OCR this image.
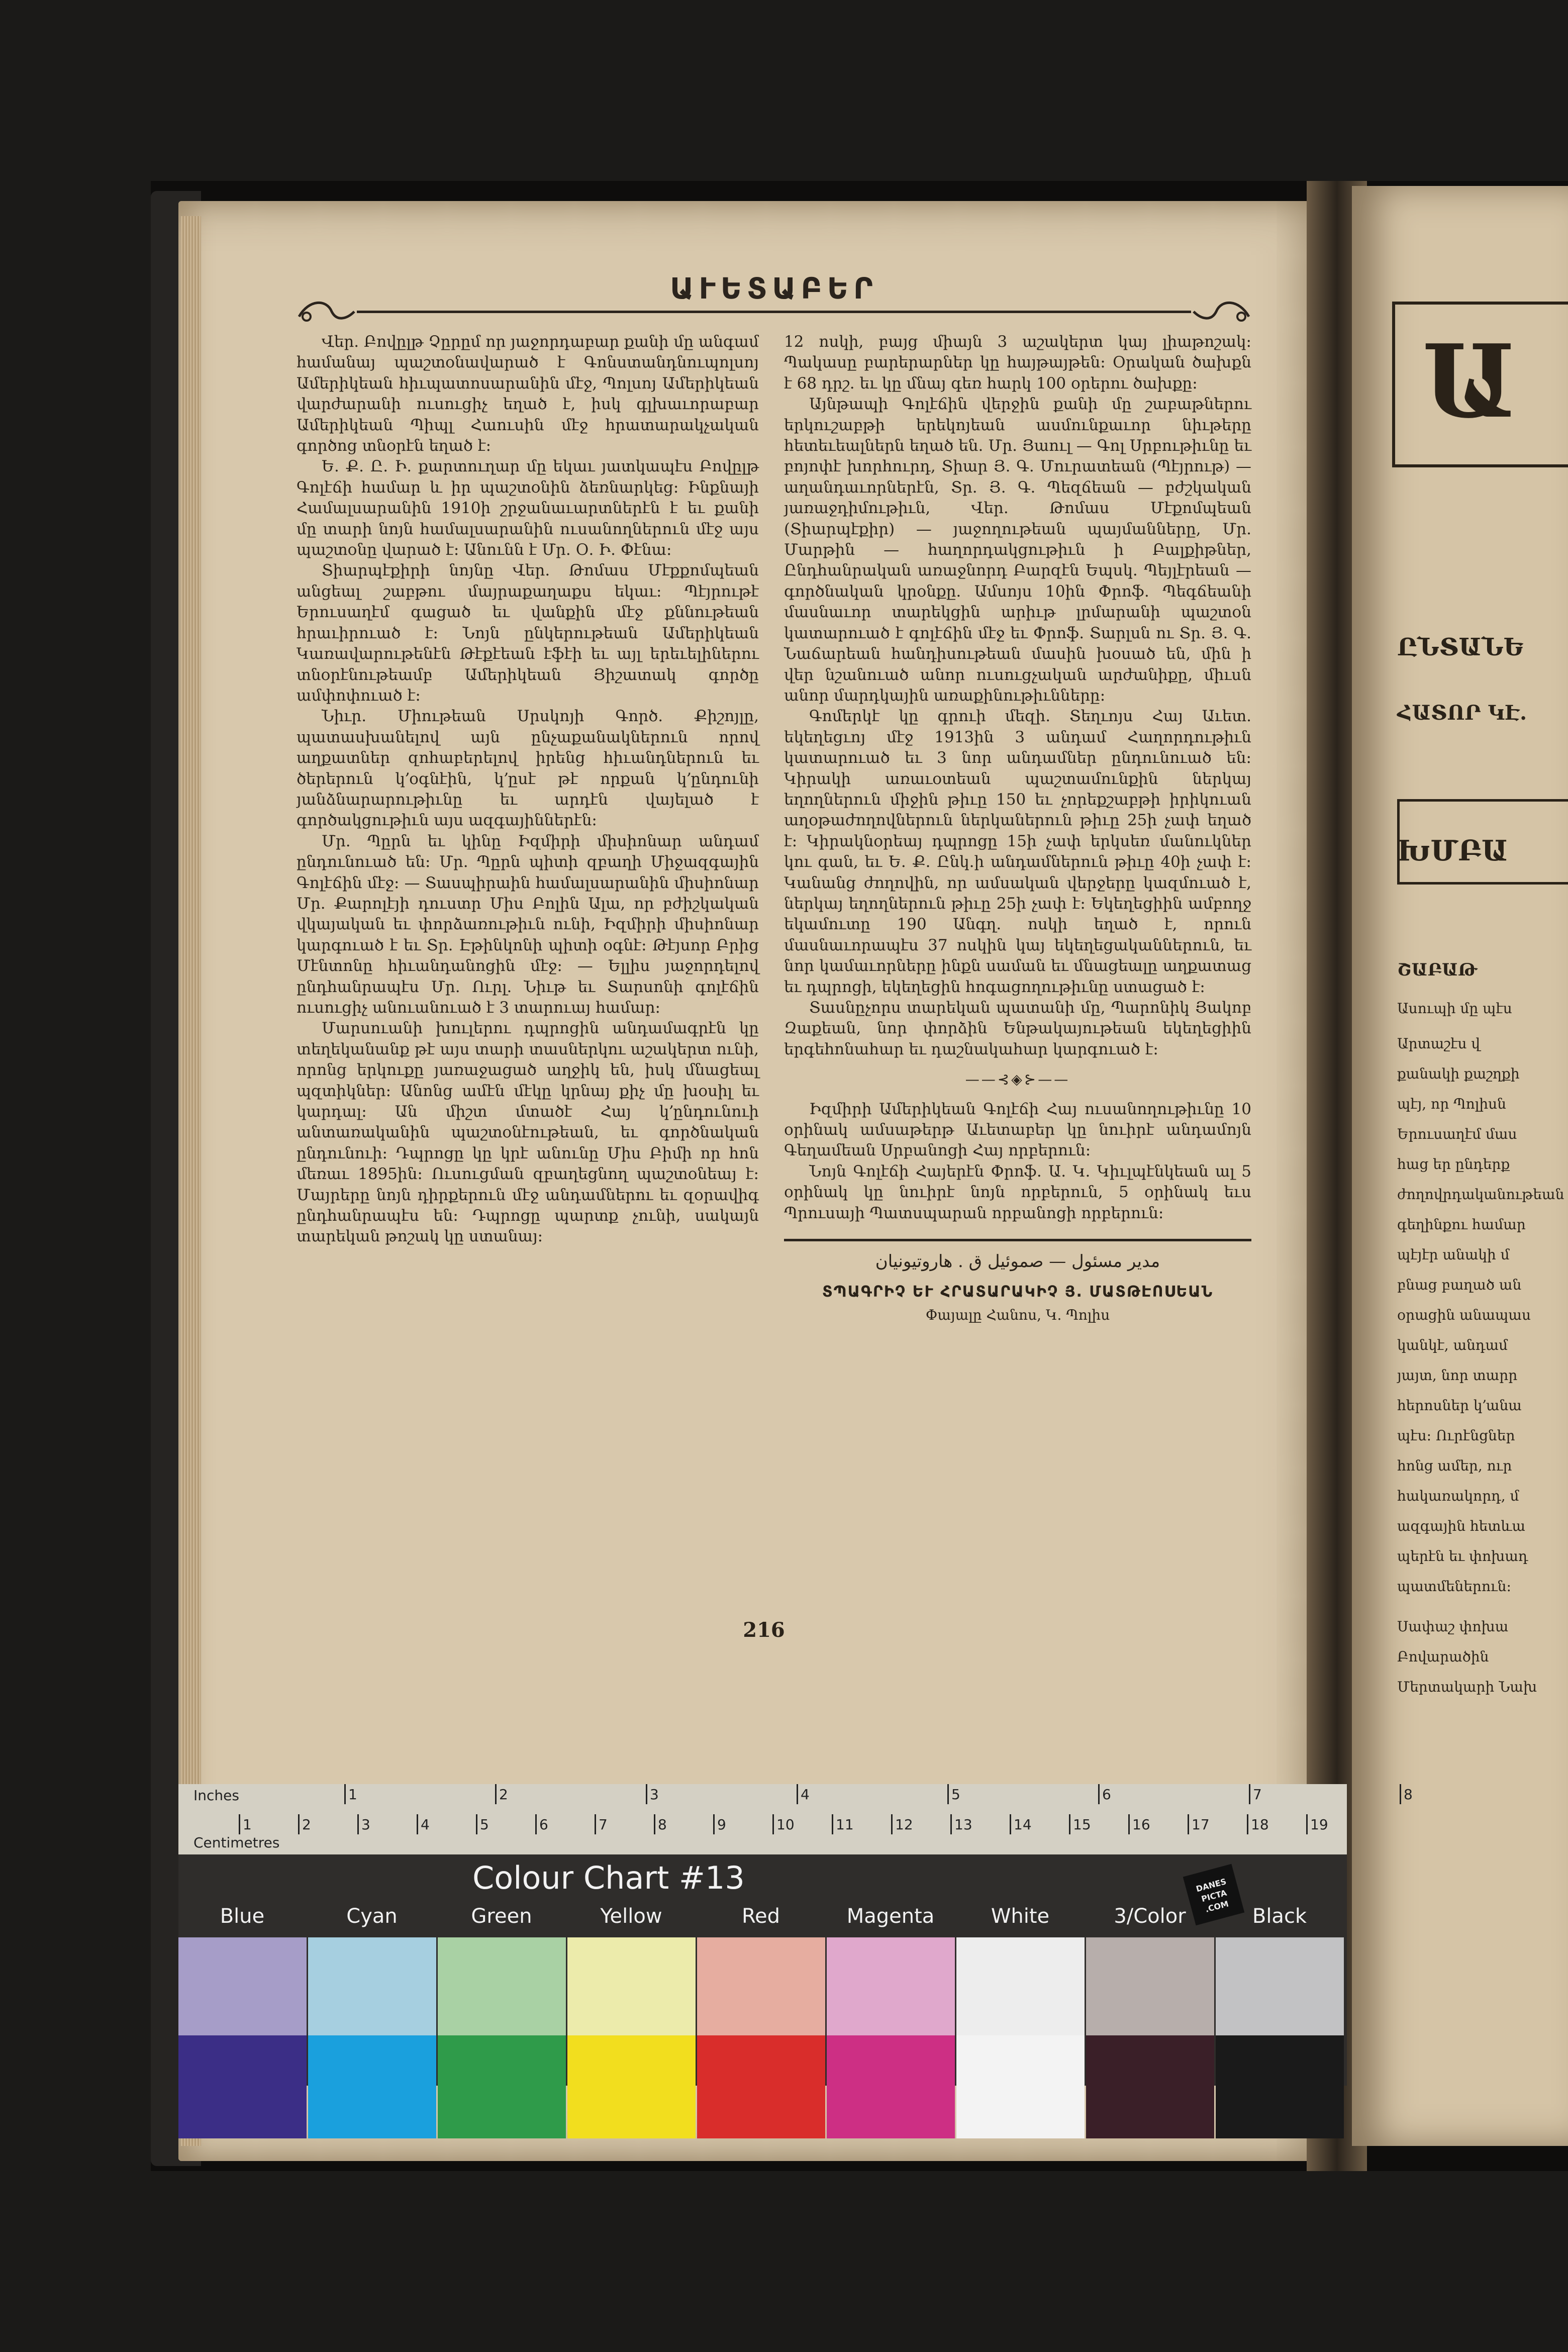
ԱՒԵՏԱԲԵՐ

Վեր. Բովըլթ Չըրըմ որ յաջորդաբար քանի մը անգամ համանայ պաշտօնավարած է Գոնստանդնուպոլսոյ Ամերիկեան հիւպատոսարանին մէջ, Պոլսոյ Ամերիկեան վարժարանի ուսուցիչ եղած է, իսկ գլխաւորաբար Ամերիկեան Պիպլ Հաուսին մէջ հրատարակչական գործոց տնօրէն եղած է։

Ե. Ք. Ը. Ի. քարտուղար մը եկաւ յատկապէս Բովըլթ Գոլէճի համար և իր պաշտօնին ձեռնարկեց։ Ինքնայի Համալսարանին 1910ի շրջանաւարտներէն է եւ քանի մը տարի նոյն համալսարանին ուսանողներուն մէջ այս պաշտօնը վարած է։ Անունն է Մր. Օ. Ի. Փէնա։

Տիարպէքիրի նոյնը Վեր. Թոմաս Մէքքոմպեան անցեալ շաբթու մայրաքաղաքս եկաւ։ Պէյրութէ Երուսաղէմ գացած եւ վանքին մէջ քննութեան հրաւիրուած է։ Նոյն ընկերութեան Ամերիկեան Կառավարութենէն Թէքէեան էֆէի եւ այլ երեւելիներու տնօրէնութեամբ Ամերիկեան Յիշատակ գործը ամփոփուած է։

Նիւր. Միութեան Սրսկոյի Գործ. Քիշոյլը, պատասխանելով այն ընչաքանակներուն որով աղքատներ զոհաբերելով իրենց հիւանդներուն եւ ծերերուն կ՚օգնէին, կ՚ըսէ թէ որքան կ՚ընդունի յանձնարարութիւնը եւ արդէն վայելած է գործակցութիւն այս ազգայիններէն։

Մր. Պըրն եւ կինը Իզմիրի միսիոնար անդամ ընդունուած են։ Մր. Պըրն պիտի զբաղի Միջազգային Գոլէճին մէջ։ — Տասպիրաին համալսարանին միսիոնար Մր. Քարոլէյի դուստր Միս Բոլին Ալա, որ բժիշկական վկայական եւ փորձառութիւն ունի, Իզմիրի միսիոնար կարգուած է եւ Տր. Էթինկոնի պիտի օգնէ։ Թէյսոր Բրից Մէնտոնը հիւանդանոցին մէջ։ — Ելլիս յաջորդելով ընդհանրապէս Մր. Ուրլ. Նիւթ եւ Տարսոնի գոլէճին ուսուցիչ անուանուած է 3 տարուայ համար։

Մարսուանի խուլերու դպրոցին անդամագրէն կը տեղեկանանք թէ այս տարի տասներկու աշակերտ ունի, որոնց երկուքը յառաջացած աղջիկ են, իսկ մնացեալ պզտիկներ։ Անոնց ամէն մէկը կրնայ քիչ մը խօսիլ եւ կարդալ։ Ան միշտ մտածէ Հայ կ՚ընդունուի անտառականին պաշտօնէութեան, եւ գործնական ընդունուի։ Դպրոցը կը կրէ անունը Միս Բիմի որ հոն մեռաւ 1895ին։ Ուսուցման զբաղեցնող պաշտօնեայ է։ Մայրերը նոյն դիրքերուն մէջ անդամներու եւ զօրավիգ ընդհանրապէս են։ Դպրոցը պարտք չունի, սակայն տարեկան թոշակ կը ստանայ։

12 ոսկի, բայց միայն 3 աշակերտ կայ լիաթոշակ։ Պակասը բարերարներ կը հայթայթեն։ Օրական ծախքն է 68 դրշ. եւ կը մնայ գեռ հարկ 100 օրերու ծախքը։

Այնթապի Գոլէճին վերջին քանի մը շաբաթներու երկուշաբթի երեկոյեան ասմունքաւոր նիւթերը հետեւեալներն եղած են. Մր. Յաուլ — Գոլ Սրբութիւնը եւ բոյոփէ խորհուրդ, Տիար Յ. Գ. Մուրատեան (Պէյրութ) — աղանդաւորներէն, Տր. Յ. Գ. Պեզճեան — բժշկական յառաջդիմութիւն, Վեր. Թոմաս Մէքոմպեան (Տիարպէքիր) — յաջողութեան պայմանները, Մր. Մարթին — հաղորդակցութիւն ի Բալքիթներ, Ընդհանրական առաջնորդ Բարզէն Եպսկ. Պեյլէրեան — գործնական կրօնքը. Ամսոյս 10ին Փրոֆ. Պեգճեանի մասնաւոր տարեկցին արիւթ լրմարանի պաշտօն կատարուած է գոլէճին մէջ եւ Փրոֆ. Տարլսն ու Տր. Յ. Գ. Նաճարեան հանդիսութեան մասին խօսած են, մին ի վեր նշանուած անոր ուսուցչական արժանիքը, միւսն անոր մարդկային առաքինութիւնները։

Գոմերկէ կը գրուի մեզի. Տեղւոյս Հայ Աւետ. եկեղեցւոյ մէջ 1913ին 3 անդամ Հաղորդութիւն կատարուած եւ 3 նոր անդամներ ընդունուած են։ Կիրակի առաւօտեան պաշտամունքին ներկայ եղողներուն միջին թիւը 150 եւ չորեքշաբթի իրիկուան աղօթաժողովներուն ներկաներուն թիւը 25ի չափ եղած է։ Կիրակնօրեայ դպրոցը 15ի չափ երկսեռ մանուկներ կու գան, եւ Ե. Ք. Ընկ.ի անդամներուն թիւը 40ի չափ է։ Կանանց ժողովին, որ ամսական վերջերը կազմուած է, ներկայ եղողներուն թիւը 25ի չափ է։ Եկեղեցիին ամբողջ եկամուտը 190 Անգղ. ոսկի եղած է, որուն մասնաւորապէս 37 ոսկին կայ եկեղեցականներուն, եւ նոր կամաւորները ինքն սաման եւ մնացեալը աղքատաց եւ դպրոցի, եկեղեցին հոգացողութիւնը ստացած է։

Տասնըչորս տարեկան պատանի մը, Պարոնիկ Յակոբ Զաքեան, նոր փորձին Ենթակայութեան եկեղեցիին երգեհոնահար եւ դաշնակահար կարգուած է։

——⊰◈⊱——

Իզմիրի Ամերիկեան Գոլէճի Հայ ուսանողութիւնը 10 օրինակ ամսաթերթ Աւետաբեր կը նուիրէ անդամոյն Գեղամեան Սրբանոցի Հայ որբերուն։

Նոյն Գոլէճի Հայերէն Փրոֆ. Ա. Կ. Կիւլպէնկեան ալ 5 օրինակ կը նուիրէ նոյն որբերուն, 5 օրինակ եւս Պրուսայի Պատսպարան որբանոցի որբերուն։

مدير مسئول — صموئيل ق . هاروتيونيان
ՏՊԱԳՐԻՉ ԵՒ ՀՐԱՏԱՐԱԿԻՉ Յ. ՄԱՏԹԷՈՍԵԱՆ
Փայալը Հանոս, Կ. Պոլիս
216
Ա
ԸՆՏԱՆԵ
ՀԱՏՈՐ ԿԷ.
ԽՄԲԱ
ՇԱԲԱԹ
Ասուպի մը պէս
Արտաշէս վ
քանակի քաշղքի
պէյ, որ Պոլիսն
Երուսաղէմ մաս
հաց եր ընդերք
ժողովրդականութեան
գեղինքու համար
պէյէր անակի մ
բնաց բաղած ան
օրացին անապաս
կանկէ, անդամ
յայտ, նոր տարր
հերոսներ կ՚անա
պէս։ Ուրէնցներ
հոնց ամեր, ուր
հակառակորդ, մ
ազգային հետևա
պերէն եւ փոխադ
պատմեներուն։
Սափաշ փոխա
Բովարածին
Մերտակարի Նախ
Inches
Centimetres
1	2	3	4	5	6	7	8
1	2	3	4	5	6	7	8	9	10	11	12	13	14	15	16	17	18	19
Colour Chart #13	DANES PICTA .COM
Blue	Cyan	Green	Yellow	Red	Magenta	White	3/Color	Black
